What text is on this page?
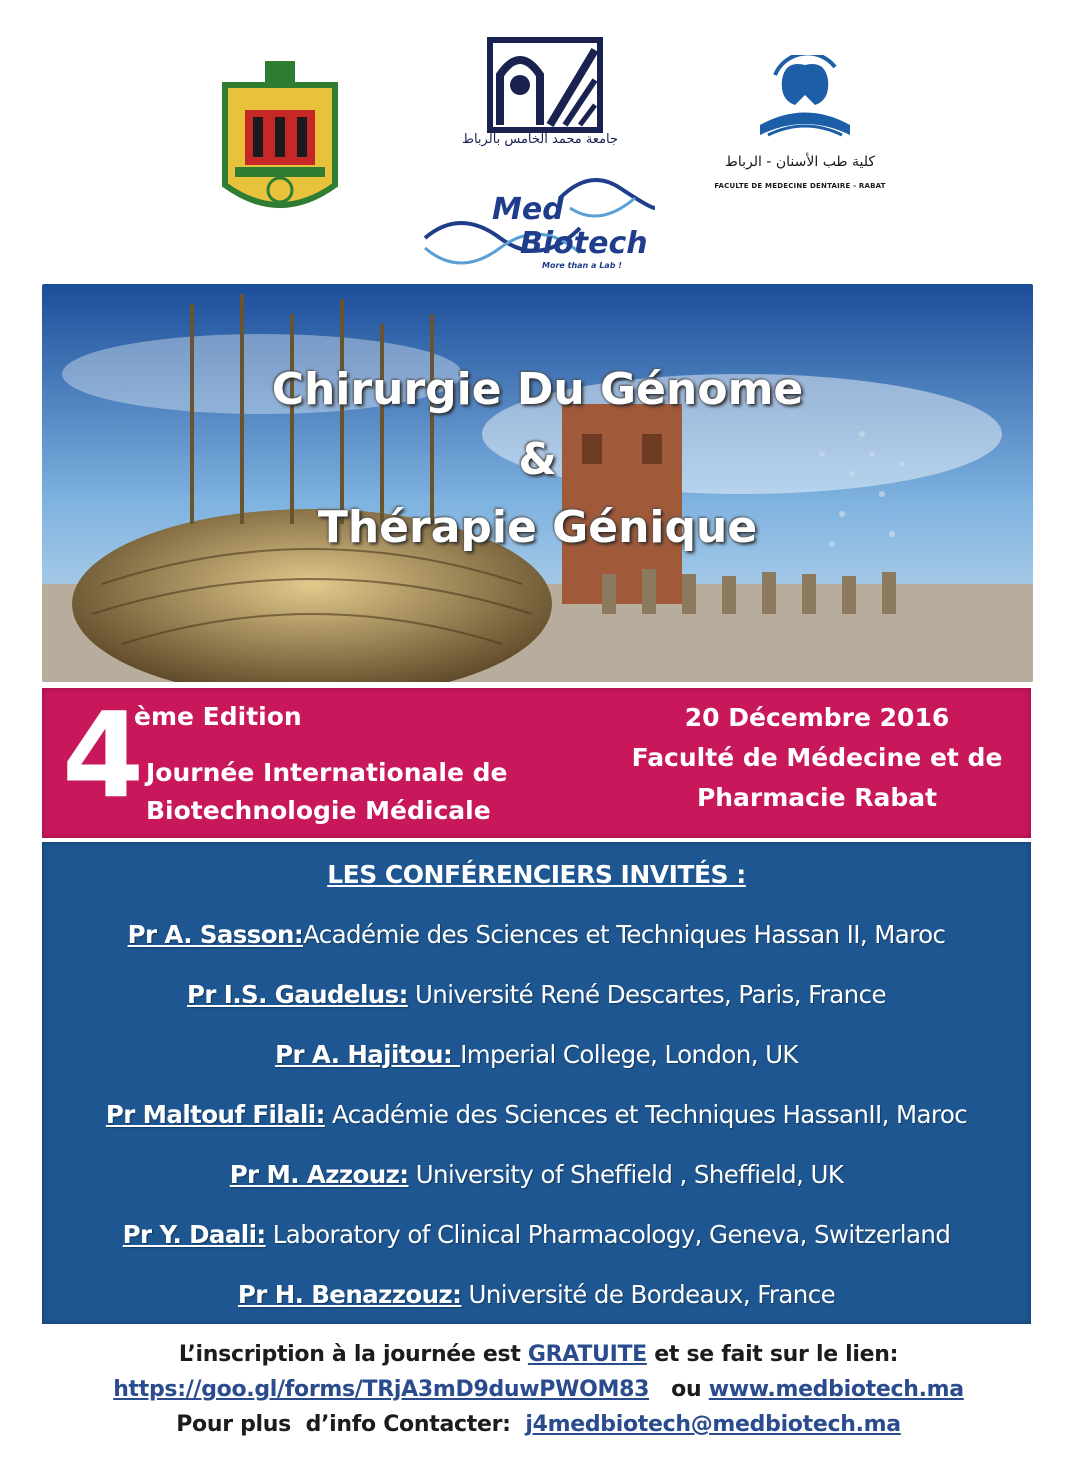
جامعة محمد الخامس بالرباط
كلية طب الأسنان - الرباط
FACULTE DE MEDECINE DENTAIRE - RABAT
Med
Biotech
More than a Lab !
Chirurgie Du Génome
&
Thérapie Génique
4
ème Edition
Journée Internationale de
Biotechnologie Médicale
20 Décembre 2016
Faculté de Médecine et de
Pharmacie Rabat
LES CONFÉRENCIERS INVITÉS :
Pr A. Sasson:Académie des Sciences et Techniques Hassan II, Maroc
Pr I.S. Gaudelus: Université René Descartes, Paris, France
Pr A. Hajitou: Imperial College, London, UK
Pr Maltouf Filali: Académie des Sciences et Techniques HassanII, Maroc
Pr M. Azzouz: University of Sheffield , Sheffield, UK
Pr Y. Daali: Laboratory of Clinical Pharmacology, Geneva, Switzerland
Pr H. Benazzouz: Université de Bordeaux, France
L’inscription à la journée est GRATUITE et se fait sur le lien:
https://goo.gl/forms/TRjA3mD9duwPWOM83   ou www.medbiotech.ma
Pour plus  d’info Contacter:  j4medbiotech@medbiotech.ma
